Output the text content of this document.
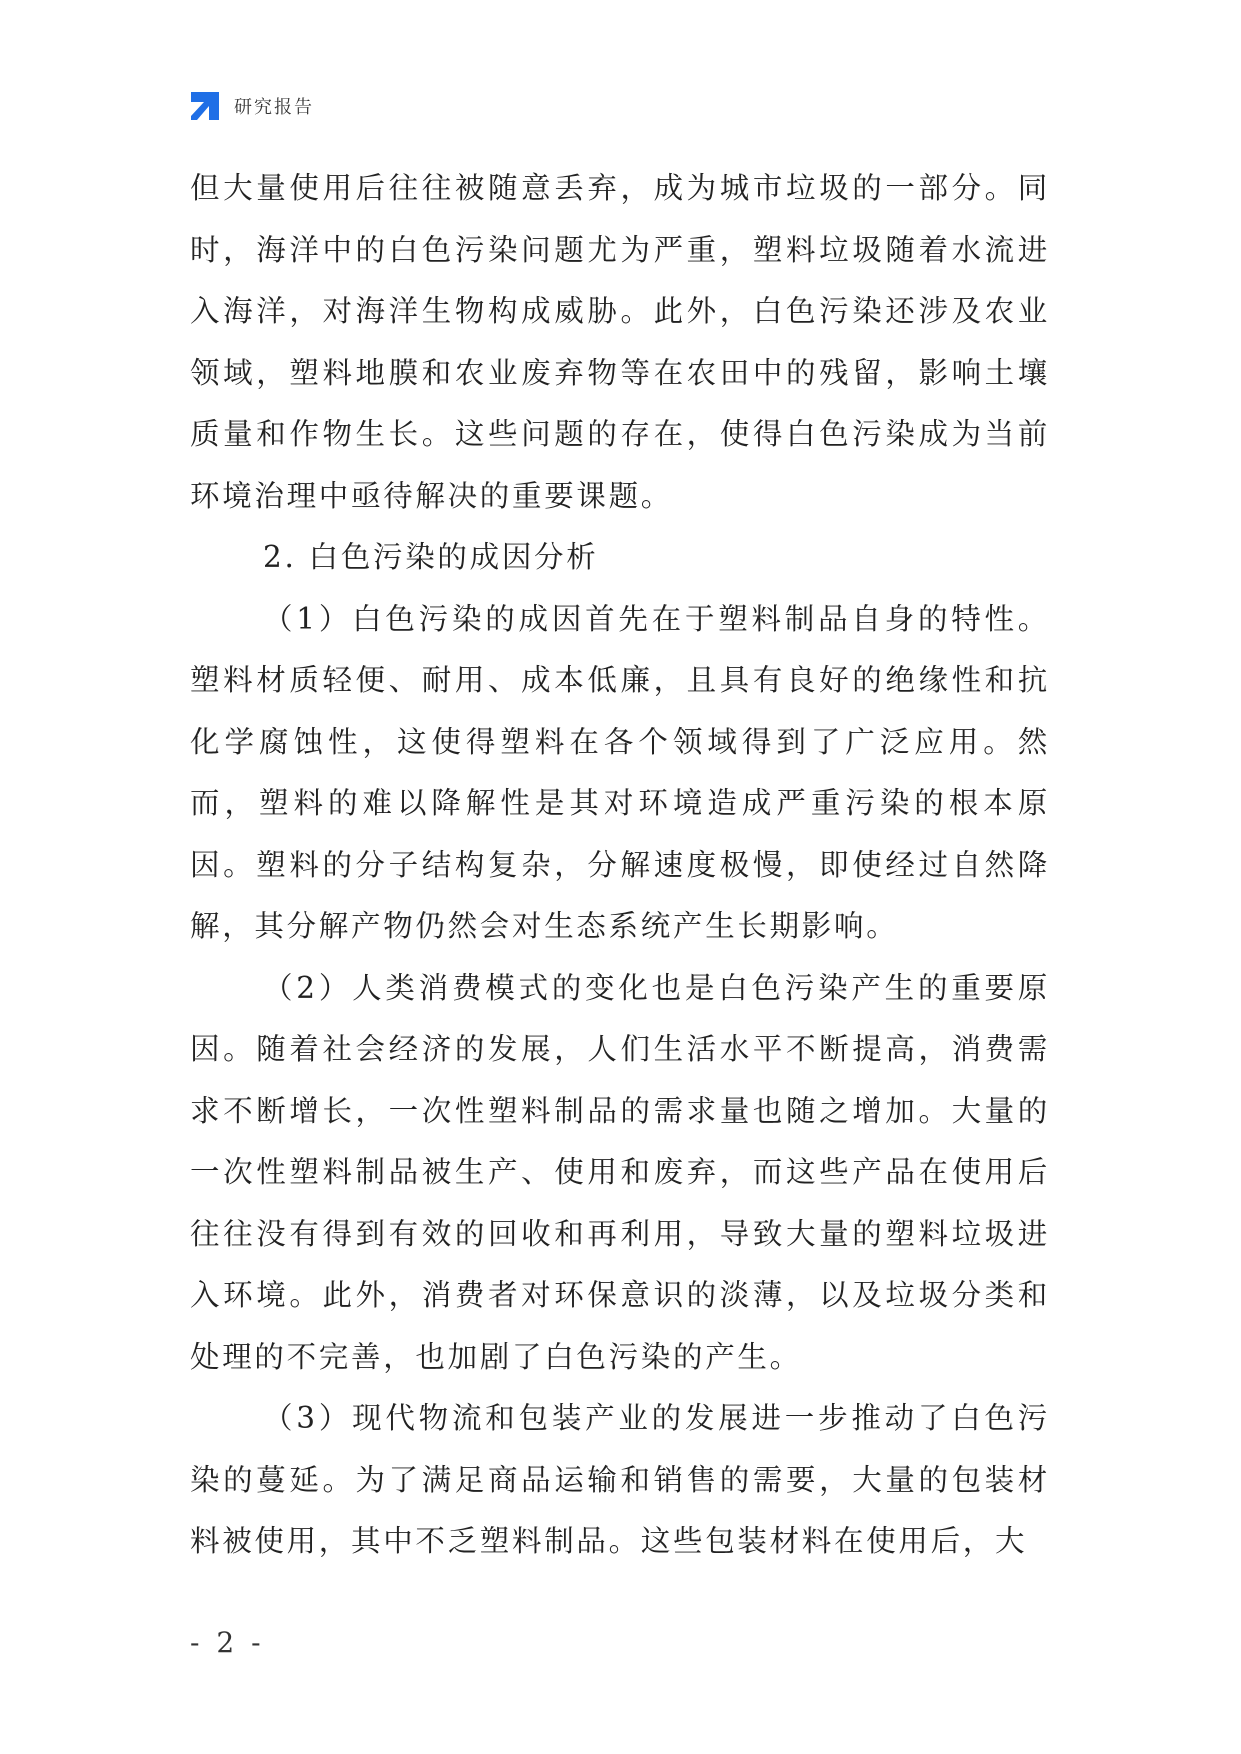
研究报告

但大量使用后往往被随意丢弃，成为城市垃圾的一部分。同时，海洋中的白色污染问题尤为严重，塑料垃圾随着水流进入海洋，对海洋生物构成威胁。此外，白色污染还涉及农业领域，塑料地膜和农业废弃物等在农田中的残留，影响土壤质量和作物生长。这些问题的存在，使得白色污染成为当前环境治理中亟待解决的重要课题。

2. 白色污染的成因分析

（1）白色污染的成因首先在于塑料制品自身的特性。塑料材质轻便、耐用、成本低廉，且具有良好的绝缘性和抗化学腐蚀性，这使得塑料在各个领域得到了广泛应用。然而，塑料的难以降解性是其对环境造成严重污染的根本原因。塑料的分子结构复杂，分解速度极慢，即使经过自然降解，其分解产物仍然会对生态系统产生长期影响。

（2）人类消费模式的变化也是白色污染产生的重要原因。随着社会经济的发展，人们生活水平不断提高，消费需求不断增长，一次性塑料制品的需求量也随之增加。大量的一次性塑料制品被生产、使用和废弃，而这些产品在使用后往往没有得到有效的回收和再利用，导致大量的塑料垃圾进入环境。此外，消费者对环保意识的淡薄，以及垃圾分类和处理的不完善，也加剧了白色污染的产生。

（3）现代物流和包装产业的发展进一步推动了白色污染的蔓延。为了满足商品运输和销售的需要，大量的包装材料被使用，其中不乏塑料制品。这些包装材料在使用后，大

- 2 -
